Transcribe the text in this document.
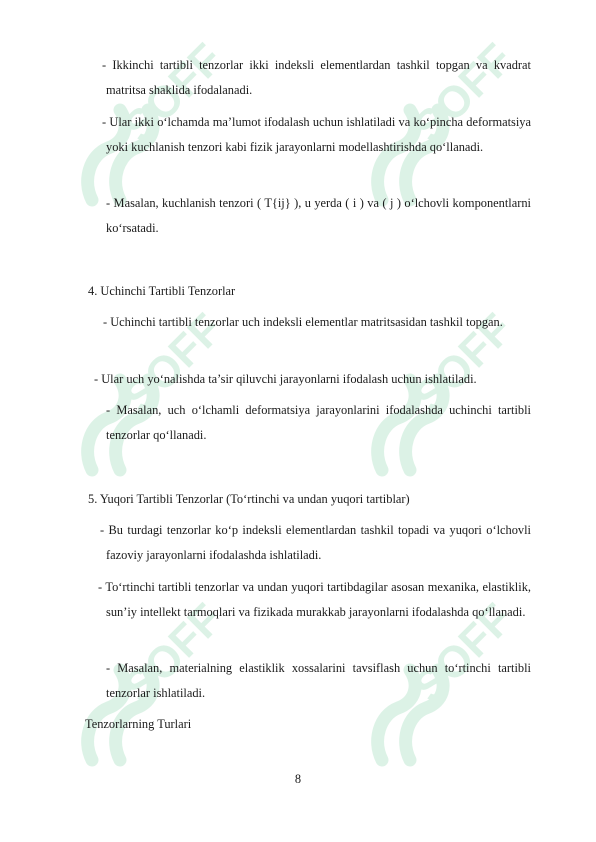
SOFF	SOFF
SOFF	SOFF
SOFF	SOFF

- Ikkinchi tartibli tenzorlar ikki indeksli elementlardan tashkil topgan va kvadrat matritsa shaklida ifodalanadi.

- Ular ikki o‘lchamda ma’lumot ifodalash uchun ishlatiladi va ko‘pincha deformatsiya yoki kuchlanish tenzori kabi fizik jarayonlarni modellashtirishda qo‘llanadi.

- Masalan, kuchlanish tenzori ( T{ij} ), u yerda ( i ) va ( j ) o‘lchovli komponentlarni ko‘rsatadi.

4. Uchinchi Tartibli Tenzorlar

- Uchinchi tartibli tenzorlar uch indeksli elementlar matritsasidan tashkil topgan.

- Ular uch yo‘nalishda ta’sir qiluvchi jarayonlarni ifodalash uchun ishlatiladi.

- Masalan, uch o‘lchamli deformatsiya jarayonlarini ifodalashda uchinchi tartibli tenzorlar qo‘llanadi.

5. Yuqori Tartibli Tenzorlar (To‘rtinchi va undan yuqori tartiblar)

- Bu turdagi tenzorlar ko‘p indeksli elementlardan tashkil topadi va yuqori o‘lchovli fazoviy jarayonlarni ifodalashda ishlatiladi.

- To‘rtinchi tartibli tenzorlar va undan yuqori tartibdagilar asosan mexanika, elastiklik, sun’iy intellekt tarmoqlari va fizikada murakkab jarayonlarni ifodalashda qo‘llanadi.

- Masalan, materialning elastiklik xossalarini tavsiflash uchun to‘rtinchi tartibli tenzorlar ishlatiladi.

Tenzorlarning Turlari

8
